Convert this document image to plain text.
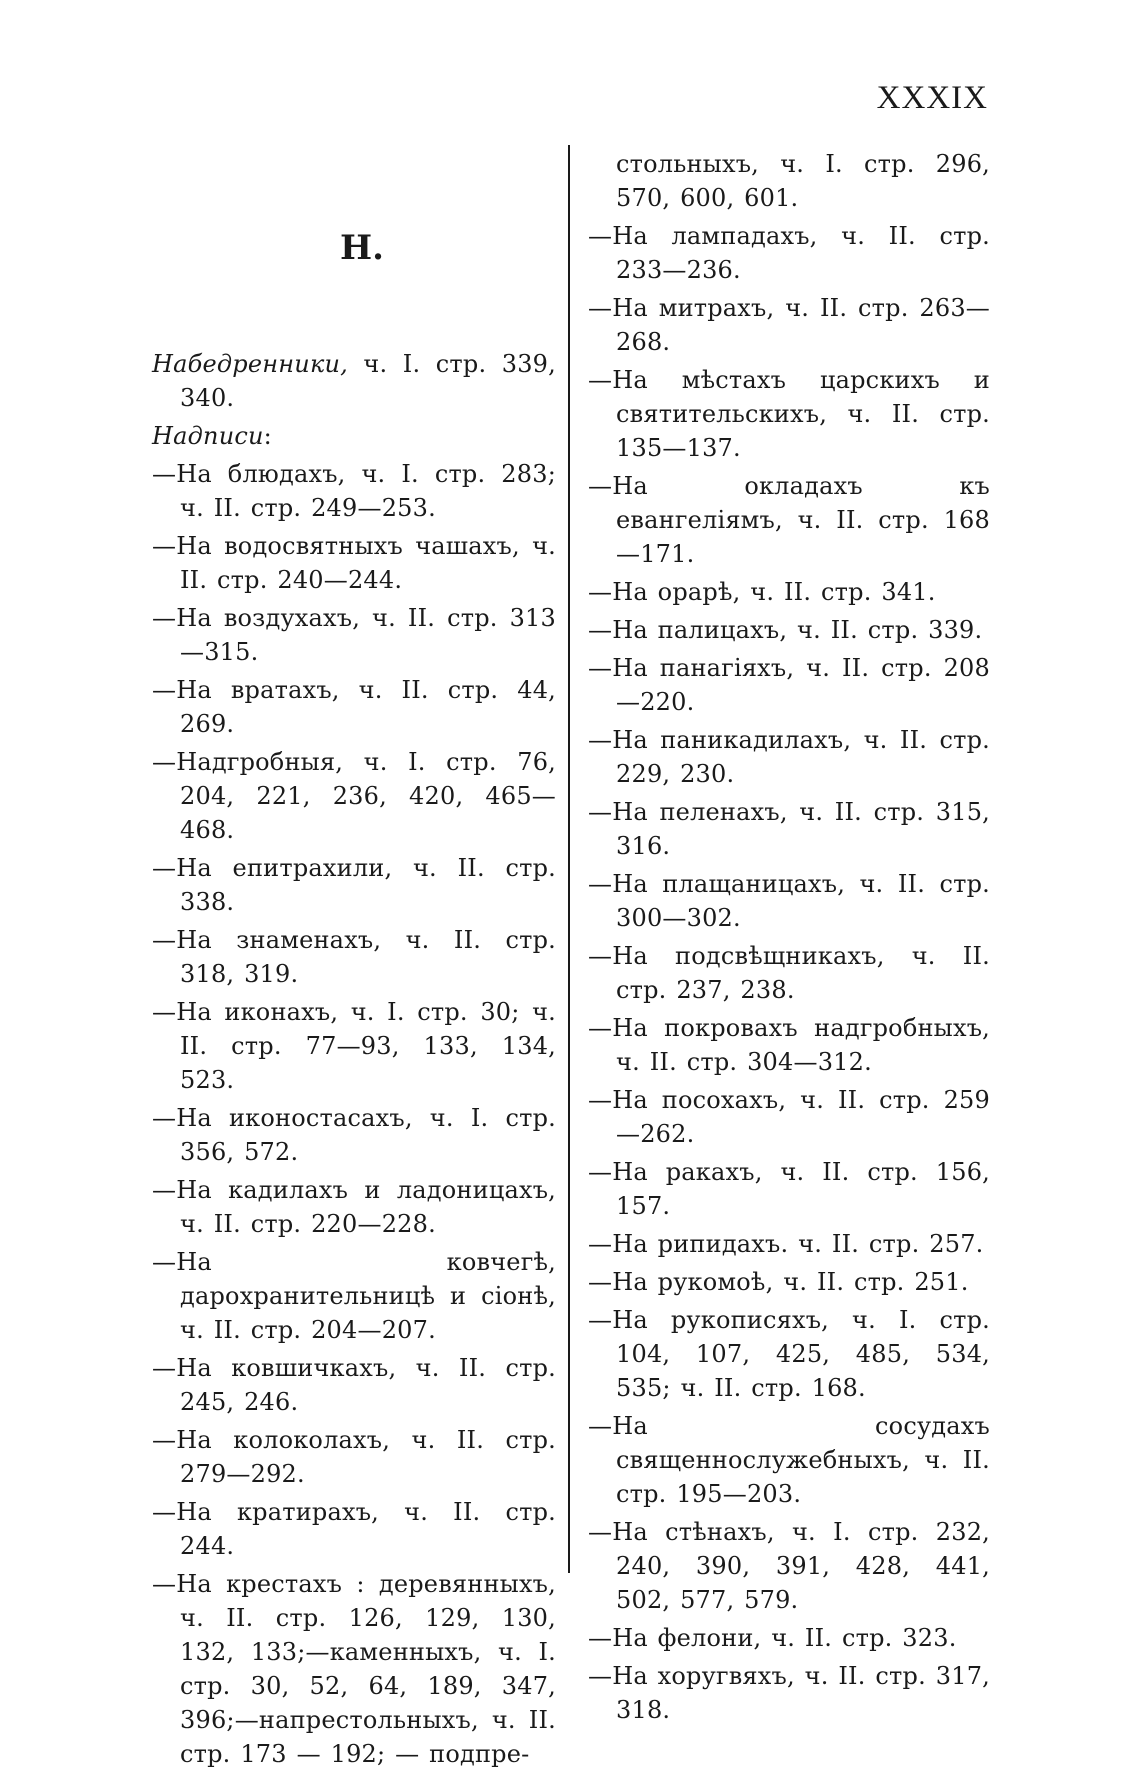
XXXIX
Н.

Набедренники, ч. I. стр. 339, 340.

Надписи:

—На блюдахъ, ч. I. стр. 283; ч. II. стр. 249—253.

—На водосвятныхъ чашахъ, ч. II. стр. 240—244.

—На воздухахъ, ч. II. стр. 313—315.

—На вратахъ, ч. II. стр. 44, 269.

—Надгробныя, ч. I. стр. 76, 204, 221, 236, 420, 465—468.

—На епитрахили, ч. II. стр. 338.

—На знаменахъ, ч. II. стр. 318, 319.

—На иконахъ, ч. I. стр. 30; ч. II. стр. 77—93, 133, 134, 523.

—На иконостасахъ, ч. I. стр. 356, 572.

—На кадилахъ и ладоницахъ, ч. II. стр. 220—228.

—На ковчегѣ, дарохранительницѣ и сіонѣ, ч. II. стр. 204—207.

—На ковшичкахъ, ч. II. стр. 245, 246.

—На колоколахъ, ч. II. стр. 279—292.

—На кратирахъ, ч. II. стр. 244.

—На крестахъ : деревянныхъ, ч. II. стр. 126, 129, 130, 132, 133;—каменныхъ, ч. I. стр. 30, 52, 64, 189, 347, 396;—напрестольныхъ, ч. II. стр. 173 — 192; — подпре-

стольныхъ, ч. I. стр. 296, 570, 600, 601.

—На лампадахъ, ч. II. стр. 233—236.

—На митрахъ, ч. II. стр. 263—268.

—На мѣстахъ царскихъ и святительскихъ, ч. II. стр. 135—137.

—На окладахъ къ евангеліямъ, ч. II. стр. 168—171.

—На орарѣ, ч. II. стр. 341.

—На палицахъ, ч. II. стр. 339.

—На панагіяхъ, ч. II. стр. 208—220.

—На паникадилахъ, ч. II. стр. 229, 230.

—На пеленахъ, ч. II. стр. 315, 316.

—На плащаницахъ, ч. II. стр. 300—302.

—На подсвѣщникахъ, ч. II. стр. 237, 238.

—На покровахъ надгробныхъ, ч. II. стр. 304—312.

—На посохахъ, ч. II. стр. 259—262.

—На ракахъ, ч. II. стр. 156, 157.

—На рипидахъ. ч. II. стр. 257.

—На рукомоѣ, ч. II. стр. 251.

—На рукописяхъ, ч. I. стр. 104, 107, 425, 485, 534, 535; ч. II. стр. 168.

—На сосудахъ священнослужебныхъ, ч. II. стр. 195—203.

—На стѣнахъ, ч. I. стр. 232, 240, 390, 391, 428, 441, 502, 577, 579.

—На фелони, ч. II. стр. 323.

—На хоругвяхъ, ч. II. стр. 317, 318.
